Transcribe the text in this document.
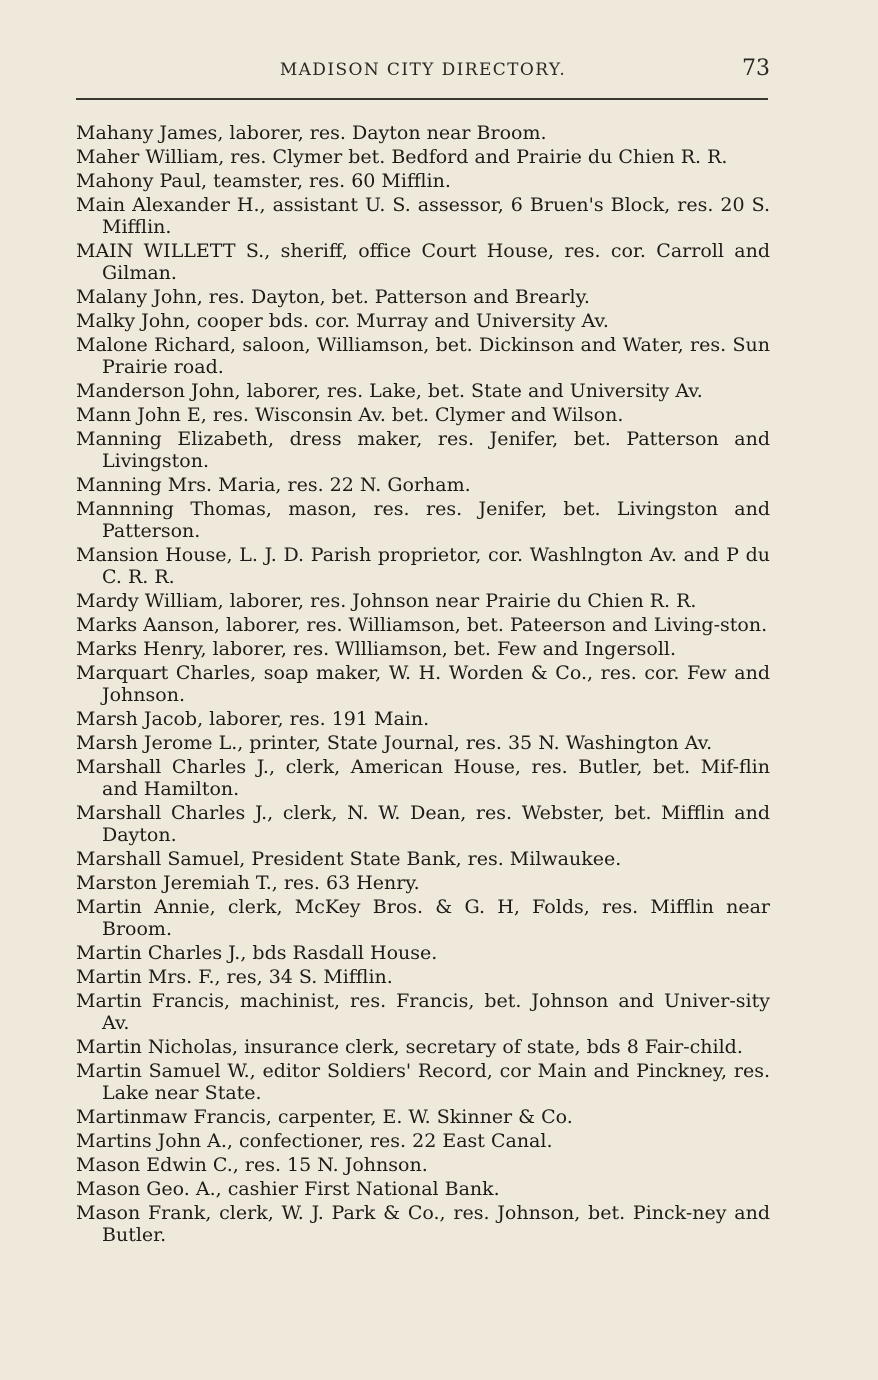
MADISON CITY DIRECTORY.	73

Mahany James, laborer, res. Dayton near Broom.

Maher William, res. Clymer bet. Bedford and Prairie du Chien R. R.

Mahony Paul, teamster, res. 60 Mifflin.

Main Alexander H., assistant U. S. assessor, 6 Bruen's Block, res. 20 S. Mifflin.

MAIN WILLETT S., sheriff, office Court House, res. cor. Carroll and Gilman.

Malany John, res. Dayton, bet. Patterson and Brearly.

Malky John, cooper bds. cor. Murray and University Av.

Malone Richard, saloon, Williamson, bet. Dickinson and Water, res. Sun Prairie road.

Manderson John, laborer, res. Lake, bet. State and University Av.

Mann John E, res. Wisconsin Av. bet. Clymer and Wilson.

Manning Elizabeth, dress maker, res. Jenifer, bet. Patterson and Livingston.

Manning Mrs. Maria, res. 22 N. Gorham.

Mannning Thomas, mason, res. res. Jenifer, bet. Livingston and Patterson.

Mansion House, L. J. D. Parish proprietor, cor. Washlngton Av. and P du C. R. R.

Mardy William, laborer, res. Johnson near Prairie du Chien R. R.

Marks Aanson, laborer, res. Williamson, bet. Pateerson and Living-ston.

Marks Henry, laborer, res. Wllliamson, bet. Few and Ingersoll.

Marquart Charles, soap maker, W. H. Worden & Co., res. cor. Few and Johnson.

Marsh Jacob, laborer, res. 191 Main.

Marsh Jerome L., printer, State Journal, res. 35 N. Washington Av.

Marshall Charles J., clerk, American House, res. Butler, bet. Mif-flin and Hamilton.

Marshall Charles J., clerk, N. W. Dean, res. Webster, bet. Mifflin and Dayton.

Marshall Samuel, President State Bank, res. Milwaukee.

Marston Jeremiah T., res. 63 Henry.

Martin Annie, clerk, McKey Bros. & G. H, Folds, res. Mifflin near Broom.

Martin Charles J., bds Rasdall House.

Martin Mrs. F., res, 34 S. Mifflin.

Martin Francis, machinist, res. Francis, bet. Johnson and Univer-sity Av.

Martin Nicholas, insurance clerk, secretary of state, bds 8 Fair-child.

Martin Samuel W., editor Soldiers' Record, cor Main and Pinckney, res. Lake near State.

Martinmaw Francis, carpenter, E. W. Skinner & Co.

Martins John A., confectioner, res. 22 East Canal.

Mason Edwin C., res. 15 N. Johnson.

Mason Geo. A., cashier First National Bank.

Mason Frank, clerk, W. J. Park & Co., res. Johnson, bet. Pinck-ney and Butler.
